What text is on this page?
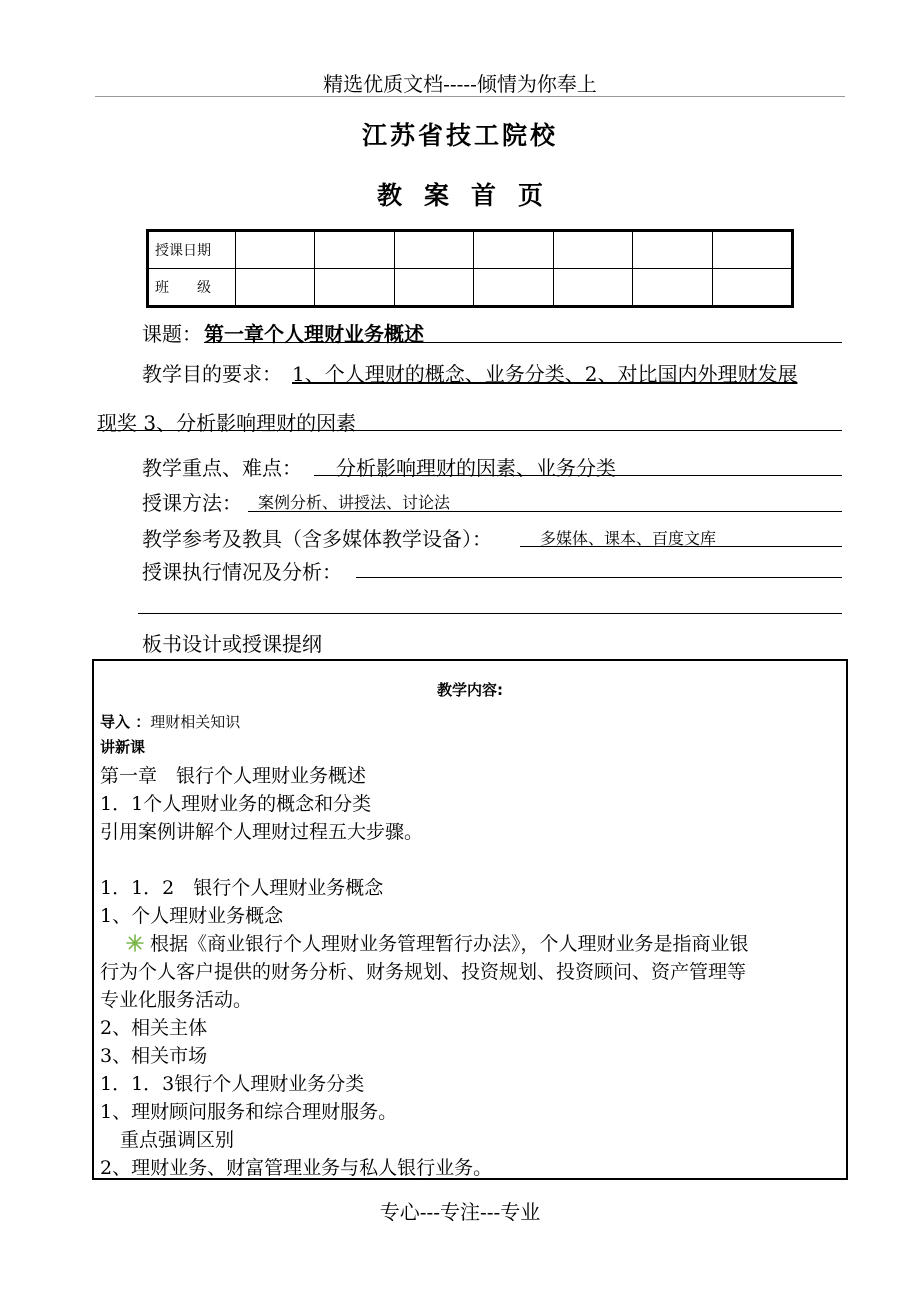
精选优质文档-----倾情为你奉上
江苏省技工院校
教案首页
授课日期							
班　　级							
课题： 第一章个人理财业务概述
教学目的要求： 1、个人理财的概念、业务分类、2、对比国内外理财发展
现奖 3、分析影响理财的因素
教学重点、难点： 分析影响理财的因素、业务分类
授课方法： 案例分析、讲授法、讨论法
教学参考及教具（含多媒体教学设备）：	多媒体、课本、百度文库
授课执行情况及分析：
板书设计或授课提纲
教学内容:
导入 ：理财相关知识
讲新课
第一章　银行个人理财业务概述
1．1个人理财业务的概念和分类
引用案例讲解个人理财过程五大步骤。
1．1．2　银行个人理财业务概念
1、个人理财业务概念
根据《商业银行个人理财业务管理暂行办法》，个人理财业务是指商业银
行为个人客户提供的财务分析、财务规划、投资规划、投资顾问、资产管理等
专业化服务活动。
2、相关主体
3、相关市场
1．1．3银行个人理财业务分类
1、理财顾问服务和综合理财服务。
重点强调区别
2、理财业务、财富管理业务与私人银行业务。
专心---专注---专业
